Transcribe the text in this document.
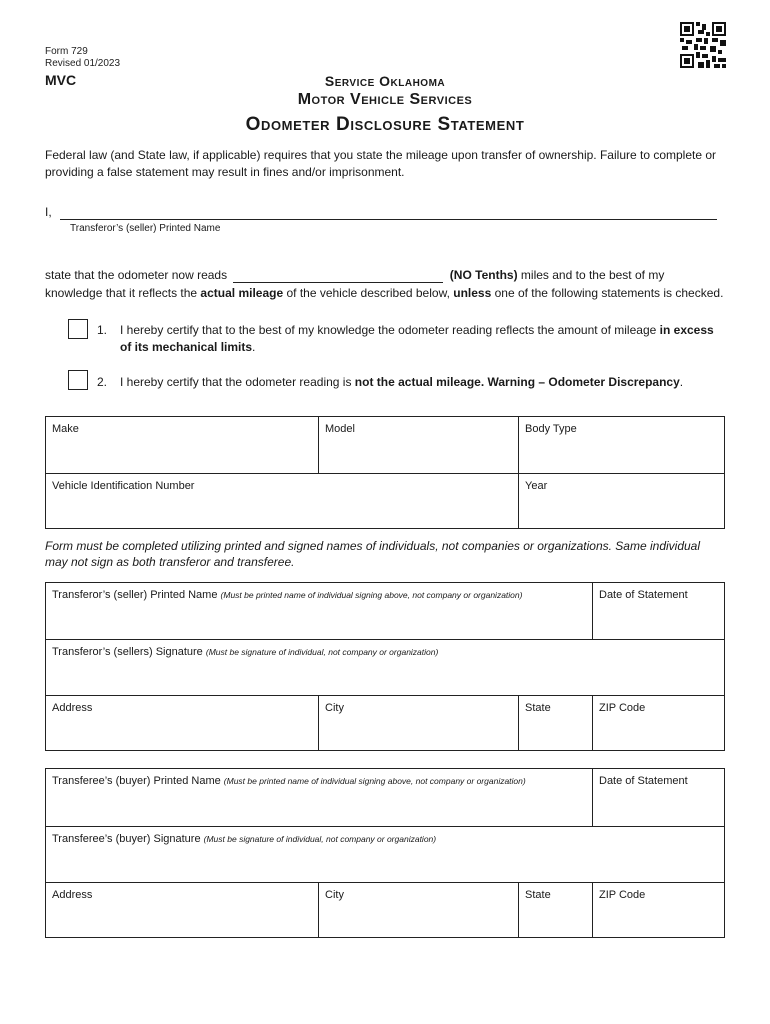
Form 729
Revised 01/2023
MVC	Service Oklahoma
Motor Vehicle Services
Odometer Disclosure Statement
Federal law (and State law, if applicable) requires that you state the mileage upon transfer of ownership. Failure to complete or providing a false statement may result in fines and/or imprisonment.
I,
Transferor’s (seller) Printed Name
state that the odometer now reads	(NO Tenths) miles and to the best of my knowledge that it reflects the actual mileage of the vehicle described below, unless one of the following statements is checked.
1. I hereby certify that to the best of my knowledge the odometer reading reflects the amount of mileage in excess of its mechanical limits.
2. I hereby certify that the odometer reading is not the actual mileage. Warning – Odometer Discrepancy.
Make	Model	Body Type
Vehicle Identification Number	Year
Form must be completed utilizing printed and signed names of individuals, not companies or organizations. Same individual may not sign as both transferor and transferee.
Transferor’s (seller) Printed Name (Must be printed name of individual signing above, not company or organization)	Date of Statement
Transferor’s (sellers) Signature (Must be signature of individual, not company or organization)
Address	City	State	ZIP Code
Transferee’s (buyer) Printed Name (Must be printed name of individual signing above, not company or organization)	Date of Statement
Transferee’s (buyer) Signature (Must be signature of individual, not company or organization)
Address	City	State	ZIP Code
